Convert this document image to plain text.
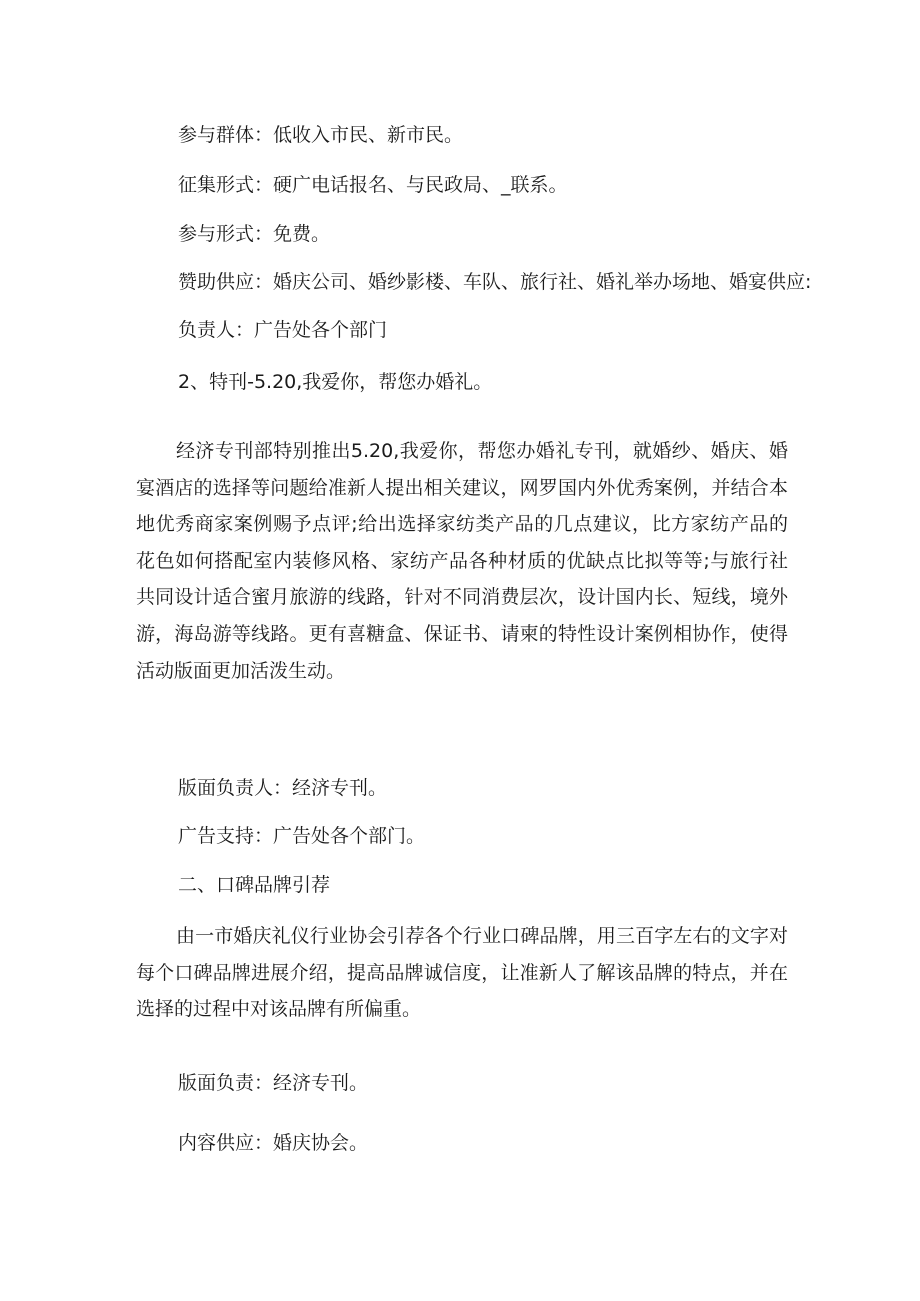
参与群体：低收入市民、新市民。
征集形式：硬广电话报名、与民政局、_联系。
参与形式：免费。
赞助供应：婚庆公司、婚纱影楼、车队、旅行社、婚礼举办场地、婚宴供应:
负责人：广告处各个部门
2、特刊-5.20,我爱你，帮您办婚礼。

经济专刊部特别推出5.20,我爱你，帮您办婚礼专刊，就婚纱、婚庆、婚宴酒店的选择等问题给准新人提出相关建议，网罗国内外优秀案例，并结合本地优秀商家案例赐予点评;给出选择家纺类产品的几点建议，比方家纺产品的花色如何搭配室内装修风格、家纺产品各种材质的优缺点比拟等等;与旅行社共同设计适合蜜月旅游的线路，针对不同消费层次，设计国内长、短线，境外游，海岛游等线路。更有喜糖盒、保证书、请柬的特性设计案例相协作，使得活动版面更加活泼生动。

版面负责人：经济专刊。
广告支持：广告处各个部门。
二、口碑品牌引荐

由一市婚庆礼仪行业协会引荐各个行业口碑品牌，用三百字左右的文字对每个口碑品牌进展介绍，提高品牌诚信度，让准新人了解该品牌的特点，并在选择的过程中对该品牌有所偏重。

版面负责：经济专刊。
内容供应：婚庆协会。
